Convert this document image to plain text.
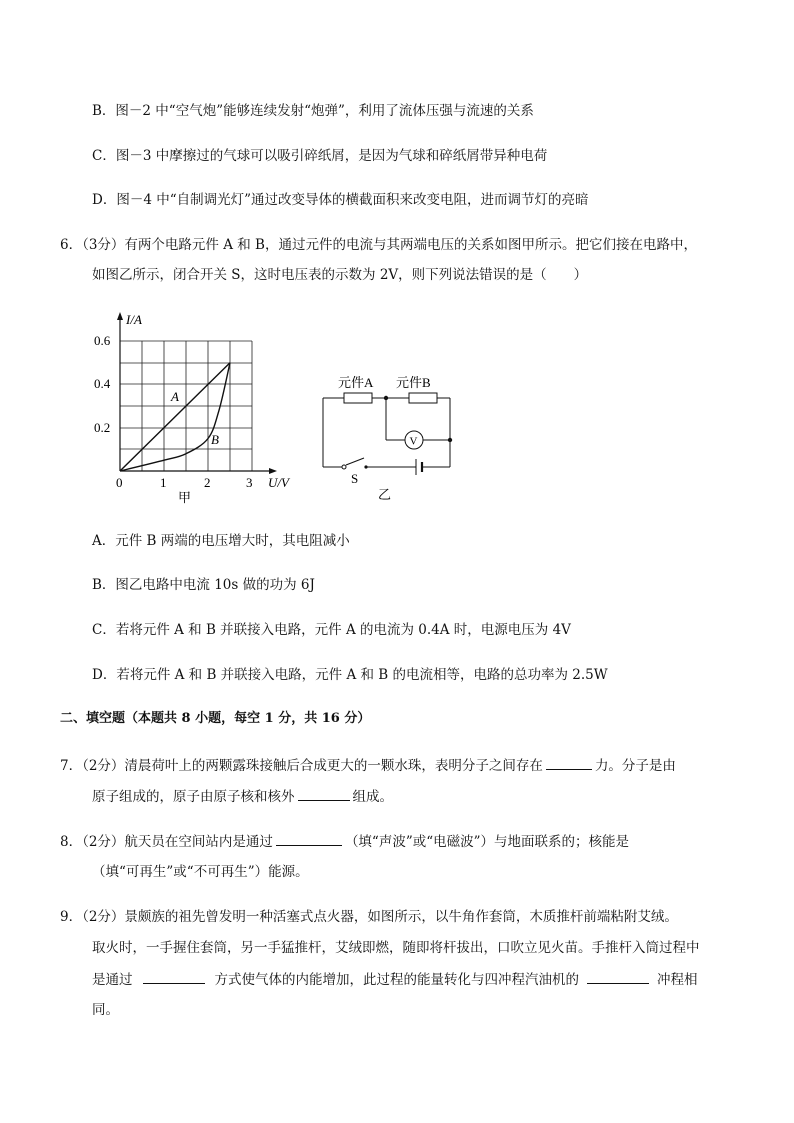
B．图－2 中“空气炮”能够连续发射“炮弹”，利用了流体压强与流速的关系
C．图－3 中摩擦过的气球可以吸引碎纸屑，是因为气球和碎纸屑带异种电荷
D．图－4 中“自制调光灯”通过改变导体的横截面积来改变电阻，进而调节灯的亮暗
6．（3分）有两个电路元件 A 和 B，通过元件的电流与其两端电压的关系如图甲所示。把它们接在电路中，
如图乙所示，闭合开关 S，这时电压表的示数为 2V，则下列说法错误的是（　　）
I/A
U/V
0.6
0.4
0.2
0	1	2	3
A
B
甲
元件A 元件B
V
S
乙
A．元件 B 两端的电压增大时，其电阻减小
B．图乙电路中电流 10s 做的功为 6J
C．若将元件 A 和 B 并联接入电路，元件 A 的电流为 0.4A 时，电源电压为 4V
D．若将元件 A 和 B 并联接入电路，元件 A 和 B 的电流相等，电路的总功率为 2.5W
二、填空题（本题共 8 小题，每空 1 分，共 16 分）
7．（2分）清晨荷叶上的两颗露珠接触后合成更大的一颗水珠，表明分子之间存在	力。分子是由
原子组成的，原子由原子核和核外	组成。
8．（2分）航天员在空间站内是通过	（填“声波”或“电磁波”）与地面联系的；核能是
（填“可再生”或“不可再生”）能源。
9．（2分）景颇族的祖先曾发明一种活塞式点火器，如图所示，以牛角作套筒，木质推杆前端粘附艾绒。
取火时，一手握住套筒，另一手猛推杆，艾绒即燃，随即将杆拔出，口吹立见火苗。手推杆入筒过程中
是通过	方式使气体的内能增加，此过程的能量转化与四冲程汽油机的	冲程相
同。
